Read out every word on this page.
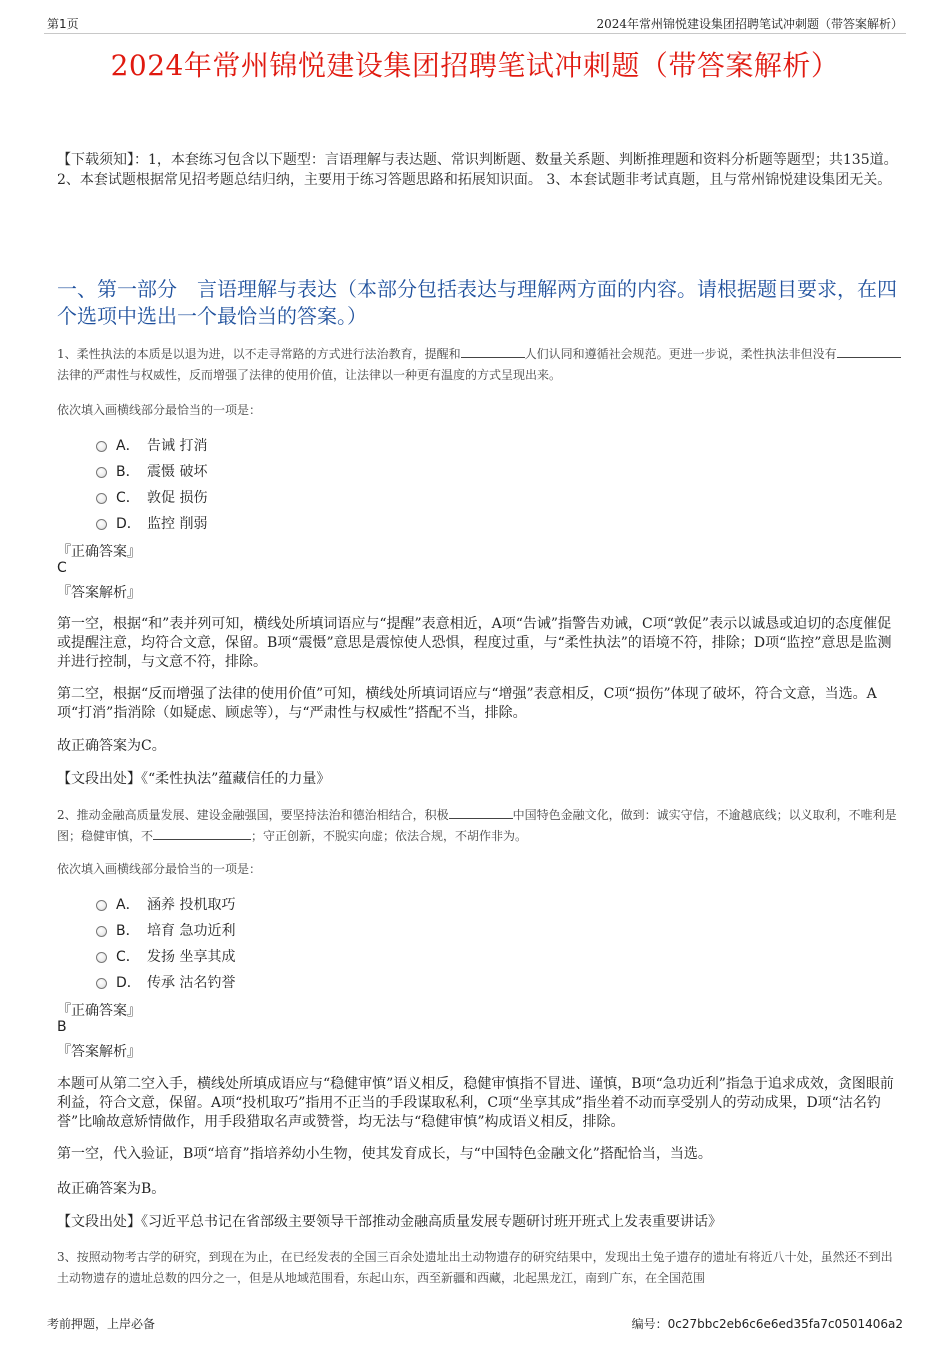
第1页	2024年常州锦悦建设集团招聘笔试冲刺题（带答案解析）
2024年常州锦悦建设集团招聘笔试冲刺题（带答案解析）
【下载须知】：1，本套练习包含以下题型：言语理解与表达题、常识判断题、数量关系题、判断推理题和资料分析题等题型；共135道。 2、本套试题根据常见招考题总结归纳，主要用于练习答题思路和拓展知识面。 3、本套试题非考试真题，且与常州锦悦建设集团无关。
一、第一部分　言语理解与表达（本部分包括表达与理解两方面的内容。请根据题目要求，在四个选项中选出一个最恰当的答案。）
1、柔性执法的本质是以退为进，以不走寻常路的方式进行法治教育，提醒和	人们认同和遵循社会规范。更进一步说，柔性执法非但没有法律的严肃性与权威性，反而增强了法律的使用价值，让法律以一种更有温度的方式呈现出来。
依次填入画横线部分最恰当的一项是：
A． 告诫 打消
B． 震慑 破坏
C． 敦促 损伤
D． 监控 削弱
『正确答案』
C
『答案解析』
第一空，根据“和”表并列可知，横线处所填词语应与“提醒”表意相近，A项“告诫”指警告劝诫，C项“敦促”表示以诚恳或迫切的态度催促或提醒注意，均符合文意，保留。B项“震慑”意思是震惊使人恐惧，程度过重，与“柔性执法”的语境不符，排除；D项“监控”意思是监测并进行控制，与文意不符，排除。
第二空，根据“反而增强了法律的使用价值”可知，横线处所填词语应与“增强”表意相反，C项“损伤”体现了破坏，符合文意，当选。A项“打消”指消除（如疑虑、顾虑等），与“严肃性与权威性”搭配不当，排除。
故正确答案为C。
【文段出处】《“柔性执法”蕴藏信任的力量》
2、推动金融高质量发展、建设金融强国，要坚持法治和德治相结合，积极	中国特色金融文化，做到：诚实守信，不逾越底线；以义取利，不唯利是图；稳健审慎，不	；守正创新，不脱实向虚；依法合规，不胡作非为。
依次填入画横线部分最恰当的一项是：
A． 涵养 投机取巧
B． 培育 急功近利
C． 发扬 坐享其成
D． 传承 沽名钓誉
『正确答案』
B
『答案解析』
本题可从第二空入手，横线处所填成语应与“稳健审慎”语义相反，稳健审慎指不冒进、谨慎，B项“急功近利”指急于追求成效，贪图眼前利益，符合文意，保留。A项“投机取巧”指用不正当的手段谋取私利，C项“坐享其成”指坐着不动而享受别人的劳动成果，D项“沽名钓誉”比喻故意矫情做作，用手段猎取名声或赞誉，均无法与“稳健审慎”构成语义相反，排除。
第一空，代入验证，B项“培育”指培养幼小生物，使其发育成长，与“中国特色金融文化”搭配恰当，当选。
故正确答案为B。
【文段出处】《习近平总书记在省部级主要领导干部推动金融高质量发展专题研讨班开班式上发表重要讲话》
3、按照动物考古学的研究，到现在为止，在已经发表的全国三百余处遗址出土动物遗存的研究结果中，发现出土兔子遗存的遗址有将近八十处，虽然还不到出土动物遗存的遗址总数的四分之一，但是从地域范围看，东起山东，西至新疆和西藏，北起黑龙江，南到广东，在全国范围
考前押题，上岸必备	编号：0c27bbc2eb6c6e6ed35fa7c0501406a2
